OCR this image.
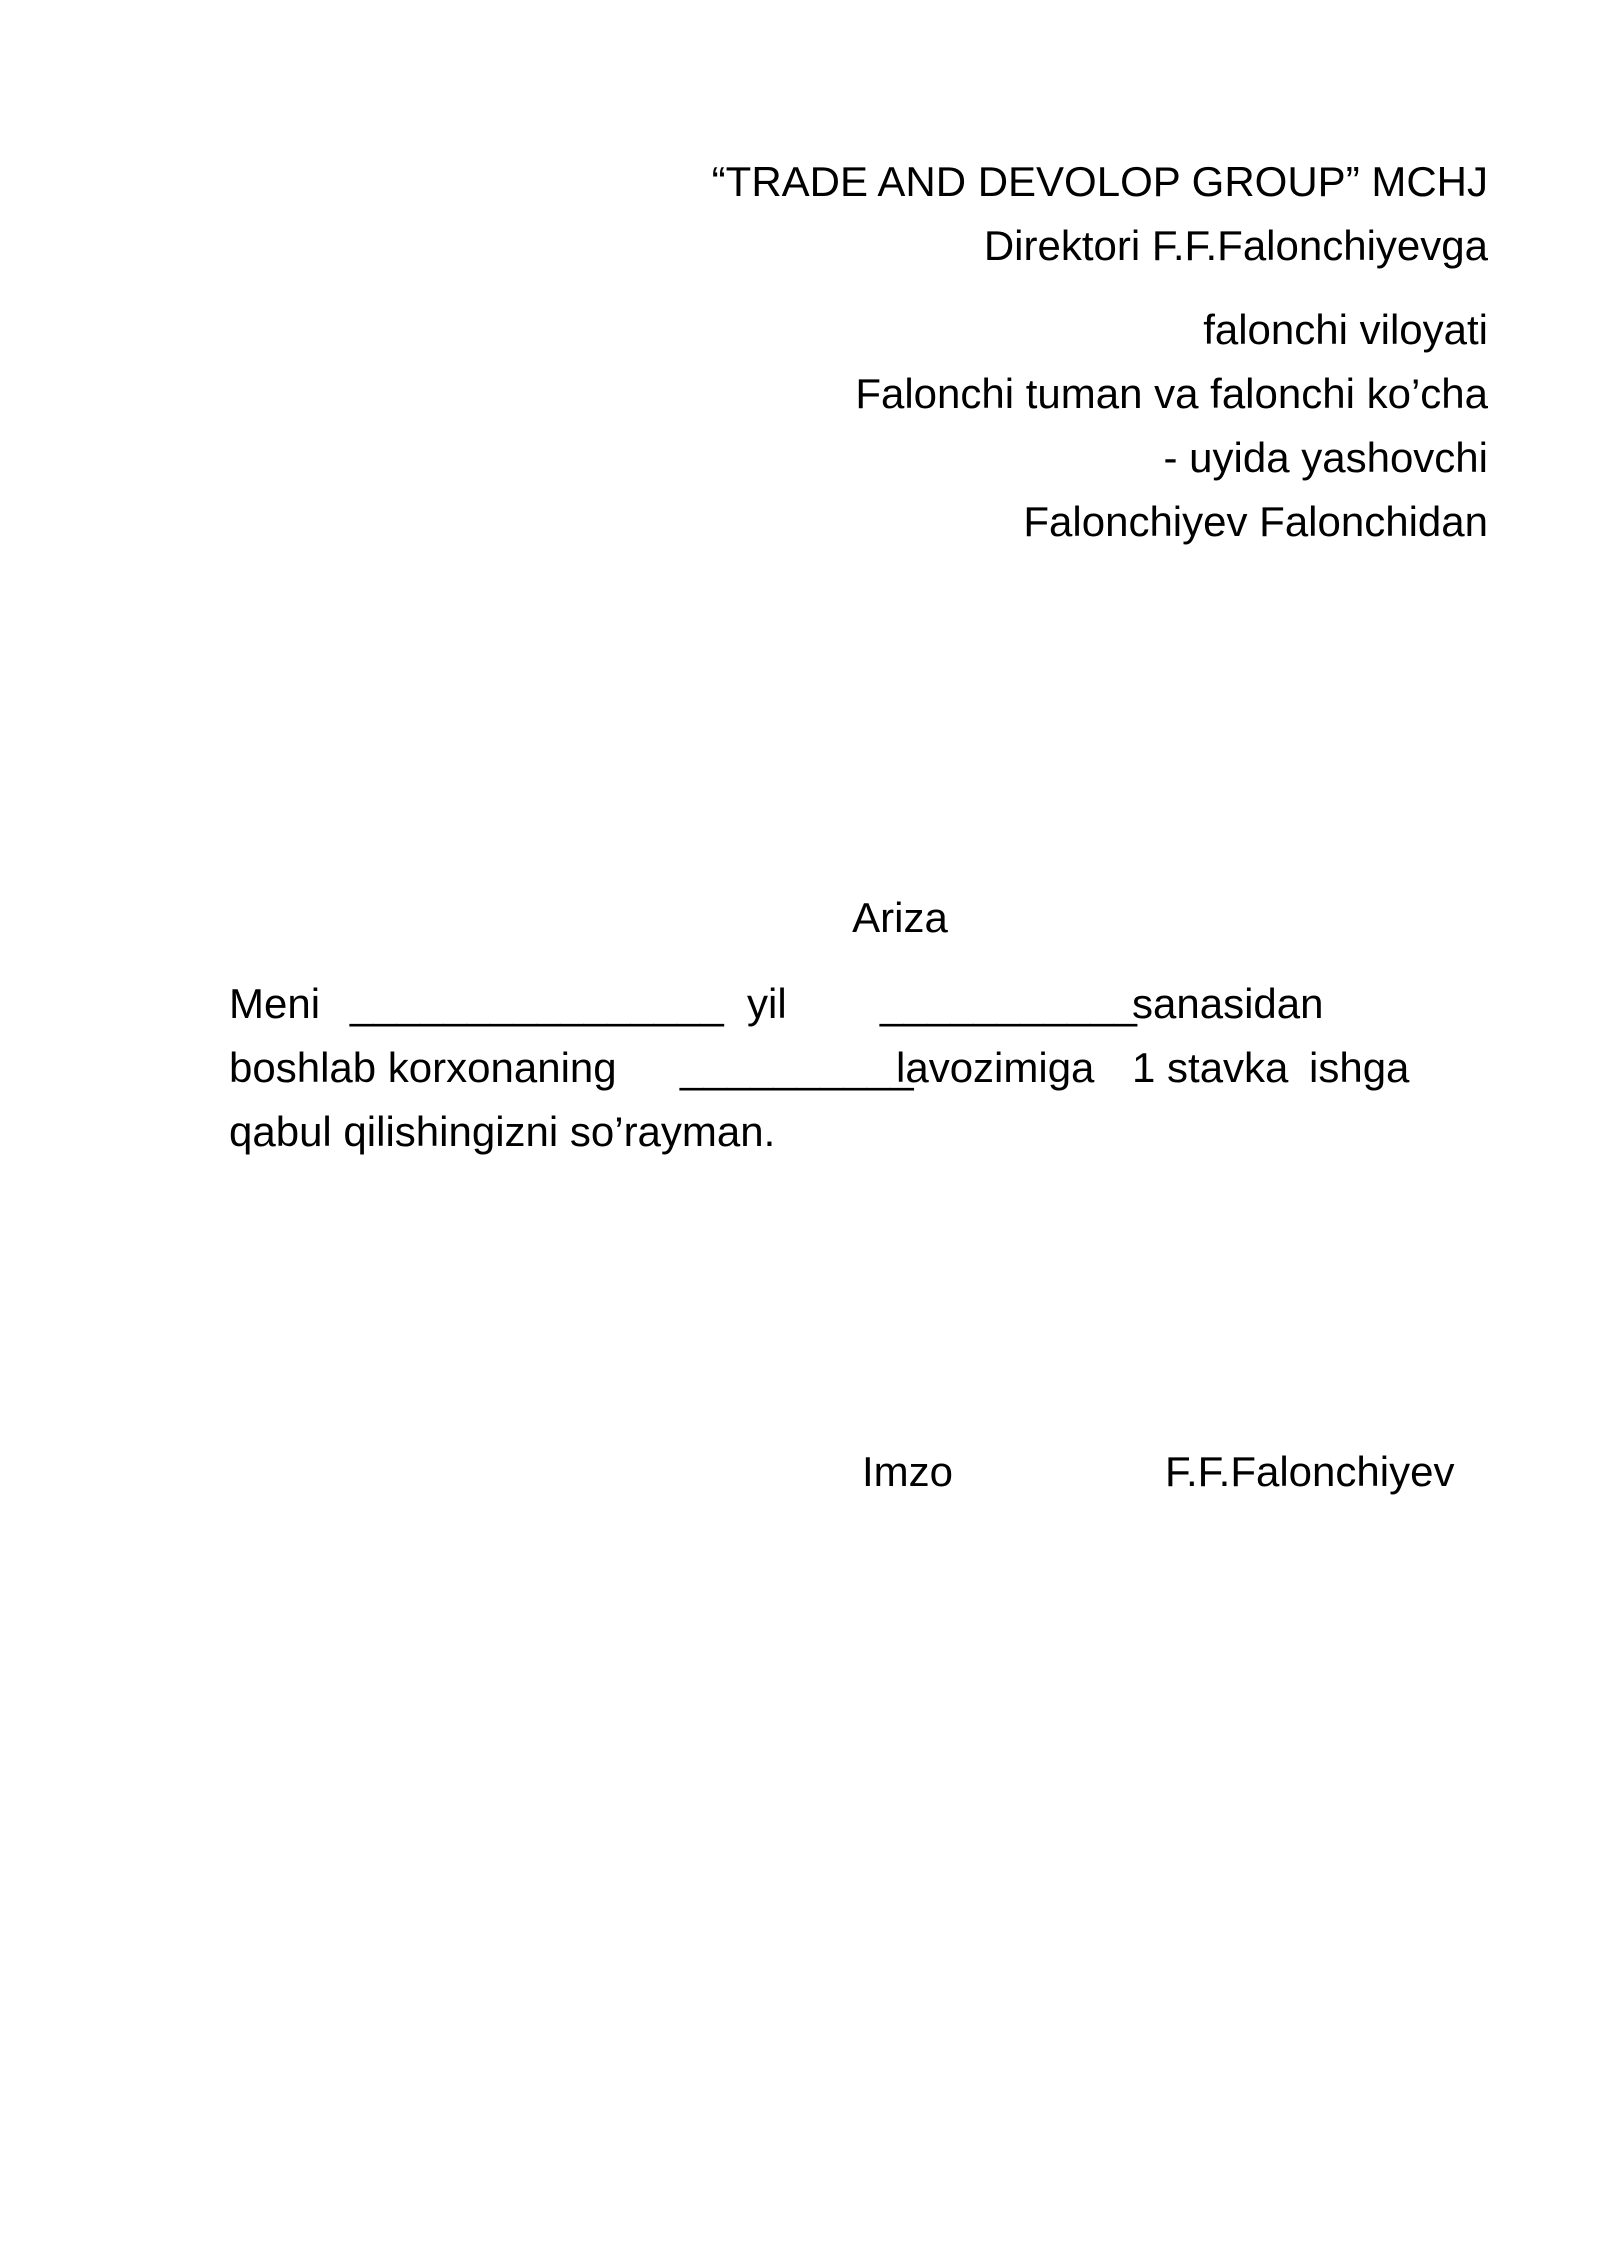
“TRADE AND DEVOLOP GROUP” MCHJ
Direktori F.F.Falonchiyevga
falonchi viloyati
Falonchi tuman va falonchi ko’cha
- uyida yashovchi
Falonchiyev Falonchidan
Ariza
Meni ________________ yil ___________
sanasidan
boshlab korxonaning __________
lavozimiga 1 stavka ishga
qabul qilishingizni so’rayman.
Imzo	F.F.Falonchiyev
